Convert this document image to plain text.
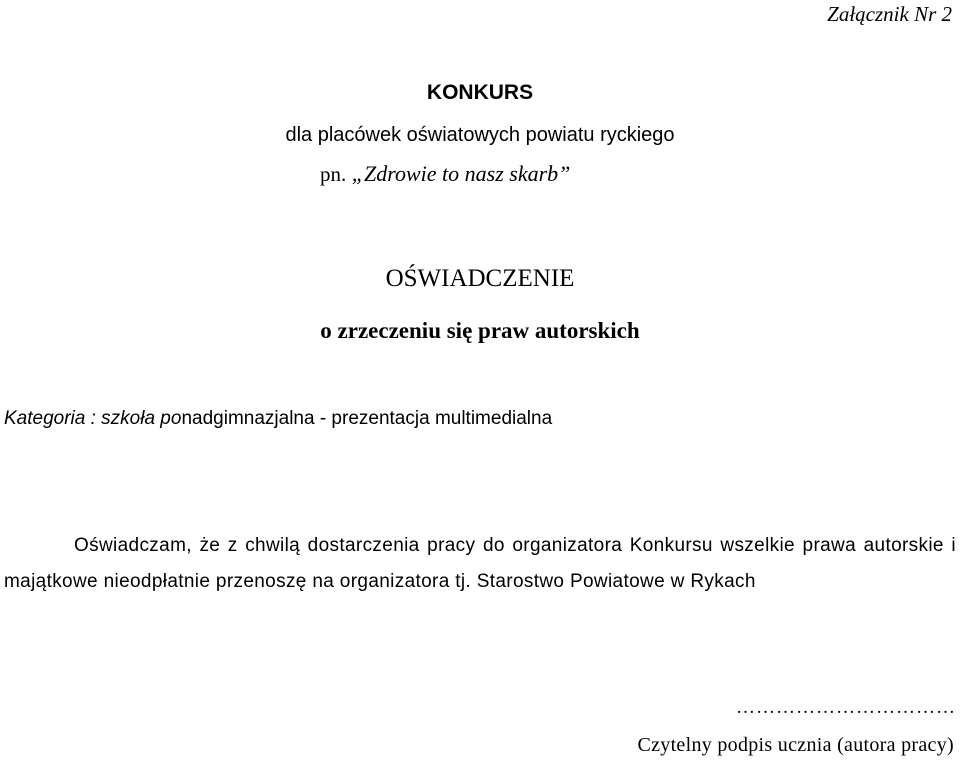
Załącznik Nr 2

KONKURS

dla placówek oświatowych powiatu ryckiego

pn. „Zdrowie to nasz skarb”

OŚWIADCZENIE

o zrzeczeniu się praw autorskich

Kategoria : szkoła ponadgimnazjalna - prezentacja multimedialna

Oświadczam, że z chwilą dostarczenia pracy do organizatora Konkursu wszelkie prawa autorskie i majątkowe nieodpłatnie przenoszę na organizatora tj. Starostwo Powiatowe w Rykach

……………………………

Czytelny podpis ucznia (autora pracy)
